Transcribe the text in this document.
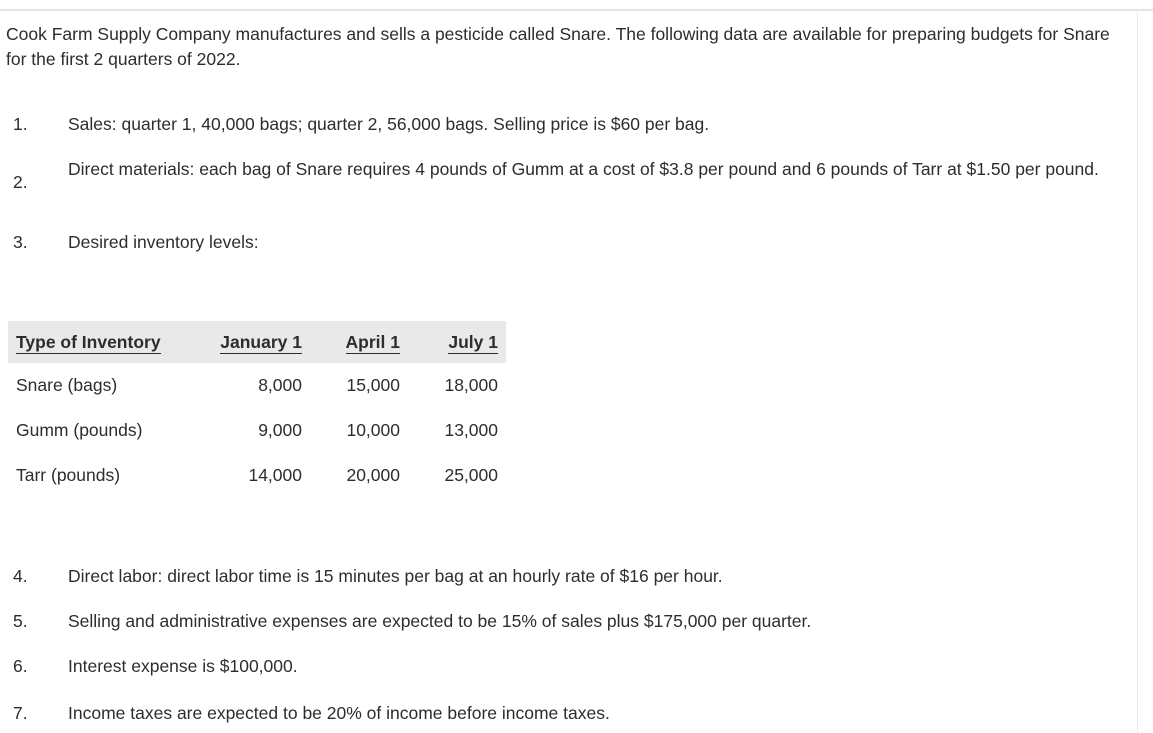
Cook Farm Supply Company manufactures and sells a pesticide called Snare. The following data are available for preparing budgets for Snare for the first 2 quarters of 2022.

1.	Sales: quarter 1, 40,000 bags; quarter 2, 56,000 bags. Selling price is $60 per bag.
2.
Direct materials: each bag of Snare requires 4 pounds of Gumm at a cost of $3.8 per pound and 6 pounds of Tarr at $1.50 per pound.
3.	Desired inventory levels:
Type of Inventory	January 1	April 1	July 1
Snare (bags)	8,000	15,000	18,000
Gumm (pounds)	9,000	10,000	13,000
Tarr (pounds)	14,000	20,000	25,000
4.	Direct labor: direct labor time is 15 minutes per bag at an hourly rate of $16 per hour.
5.	Selling and administrative expenses are expected to be 15% of sales plus $175,000 per quarter.
6.	Interest expense is $100,000.
7.	Income taxes are expected to be 20% of income before income taxes.
